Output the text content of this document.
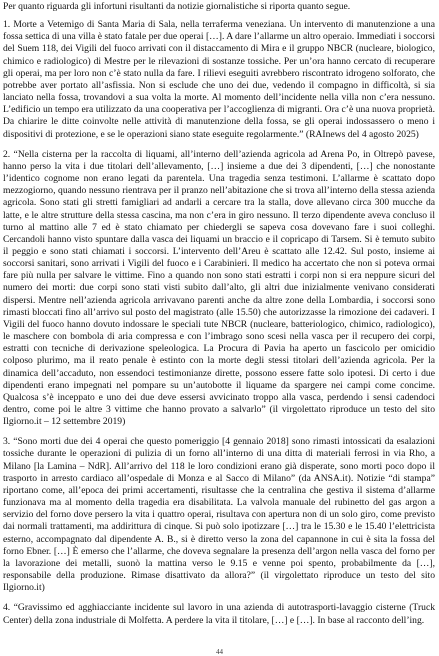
Per quanto riguarda gli infortuni risultanti da notizie giornalistiche si riporta quanto segue.

1. Morte a Vetemigo di Santa Maria di Sala, nella terraferma veneziana. Un intervento di manutenzione a una fossa settica di una villa è stato fatale per due operai […]. A dare l’allarme un altro operaio. Immediati i soccorsi del Suem 118, dei Vigili del fuoco arrivati con il distaccamento di Mira e il gruppo NBCR (nucleare, biologico, chimico e radiologico) di Mestre per le rilevazioni di sostanze tossiche. Per un’ora hanno cercato di recuperare gli operai, ma per loro non c’è stato nulla da fare. I rilievi eseguiti avrebbero riscontrato idrogeno solforato, che potrebbe aver portato all’asfissia. Non si esclude che uno dei due, vedendo il compagno in difficoltà, si sia lanciato nella fossa, trovandovi a sua volta la morte. Al momento dell’incidente nella villa non c’era nessuno. L’edificio un tempo era utilizzato da una cooperativa per l’accoglienza di migranti. Ora c’è una nuova proprietà. Da chiarire le ditte coinvolte nelle attività di manutenzione della fossa, se gli operai indossassero o meno i dispositivi di protezione, e se le operazioni siano state eseguite regolarmente.” (RAInews del 4 agosto 2025)

2. “Nella cisterna per la raccolta di liquami, all’interno dell’azienda agricola ad Arena Po, in Oltrepò pavese, hanno perso la vita i due titolari dell’allevamento, […] insieme a due dei 3 dipendenti, […] che nonostante l’identico cognome non erano legati da parentela. Una tragedia senza testimoni. L’allarme è scattato dopo mezzogiorno, quando nessuno rientrava per il pranzo nell’abitazione che si trova all’interno della stessa azienda agricola. Sono stati gli stretti famigliari ad andarli a cercare tra la stalla, dove allevano circa 300 mucche da latte, e le altre strutture della stessa cascina, ma non c’era in giro nessuno. Il terzo dipendente aveva concluso il turno al mattino alle 7 ed è stato chiamato per chiedergli se sapeva cosa dovevano fare i suoi colleghi. Cercandoli hanno visto spuntare dalla vasca dei liquami un braccio e il copricapo di Tarsem. Si è temuto subito il peggio e sono stati chiamati i soccorsi. L’intervento dell’Areu è scattato alle 12.42. Sul posto, insieme ai soccorsi sanitari, sono arrivati i Vigili del fuoco e i Carabinieri. Il medico ha accertato che non si poteva ormai fare più nulla per salvare le vittime. Fino a quando non sono stati estratti i corpi non si era neppure sicuri del numero dei morti: due corpi sono stati visti subito dall’alto, gli altri due inizialmente venivano considerati dispersi. Mentre nell’azienda agricola arrivavano parenti anche da altre zone della Lombardia, i soccorsi sono rimasti bloccati fino all’arrivo sul posto del magistrato (alle 15.50) che autorizzasse la rimozione dei cadaveri. I Vigili del fuoco hanno dovuto indossare le speciali tute NBCR (nucleare, batteriologico, chimico, radiologico), le maschere con bombola di aria compressa e con l’imbrago sono scesi nella vasca per il recupero dei corpi, estratti con tecniche di derivazione speleologica. La Procura di Pavia ha aperto un fascicolo per omicidio colposo plurimo, ma il reato penale è estinto con la morte degli stessi titolari dell’azienda agricola. Per la dinamica dell’accaduto, non essendoci testimonianze dirette, possono essere fatte solo ipotesi. Di certo i due dipendenti erano impegnati nel pompare su un’autobotte il liquame da spargere nei campi come concime. Qualcosa s’è inceppato e uno dei due deve essersi avvicinato troppo alla vasca, perdendo i sensi cadendoci dentro, come poi le altre 3 vittime che hanno provato a salvarlo” (il virgolettato riproduce un testo del sito Ilgiorno.it – 12 settembre 2019)

3. “Sono morti due dei 4 operai che questo pomeriggio [4 gennaio 2018] sono rimasti intossicati da esalazioni tossiche durante le operazioni di pulizia di un forno all’interno di una ditta di materiali ferrosi in via Rho, a Milano [la Lamina – NdR]. All’arrivo del 118 le loro condizioni erano già disperate, sono morti poco dopo il trasporto in arresto cardiaco all’ospedale di Monza e al Sacco di Milano” (da ANSA.it). Notizie “di stampa” riportano come, all’epoca dei primi accertamenti, risultasse che la centralina che gestiva il sistema d’allarme funzionava ma al momento della tragedia era disabilitata. La valvola manuale del rubinetto del gas argon a servizio del forno dove persero la vita i quattro operai, risultava con apertura non di un solo giro, come previsto dai normali trattamenti, ma addirittura di cinque. Si può solo ipotizzare […] tra le 15.30 e le 15.40 l’elettricista esterno, accompagnato dal dipendente A. B., si è diretto verso la zona del capannone in cui è sita la fossa del forno Ebner. […] È emerso che l’allarme, che doveva segnalare la presenza dell’argon nella vasca del forno per la lavorazione dei metalli, suonò la mattina verso le 9.15 e venne poi spento, probabilmente da […], responsabile della produzione. Rimase disattivato da allora?” (il virgolettato riproduce un testo del sito Ilgiorno.it)

4. “Gravissimo ed agghiacciante incidente sul lavoro in una azienda di autotrasporti-lavaggio cisterne (Truck Center) della zona industriale di Molfetta. A perdere la vita il titolare, […] e […]. In base al racconto dell’ing.

44
